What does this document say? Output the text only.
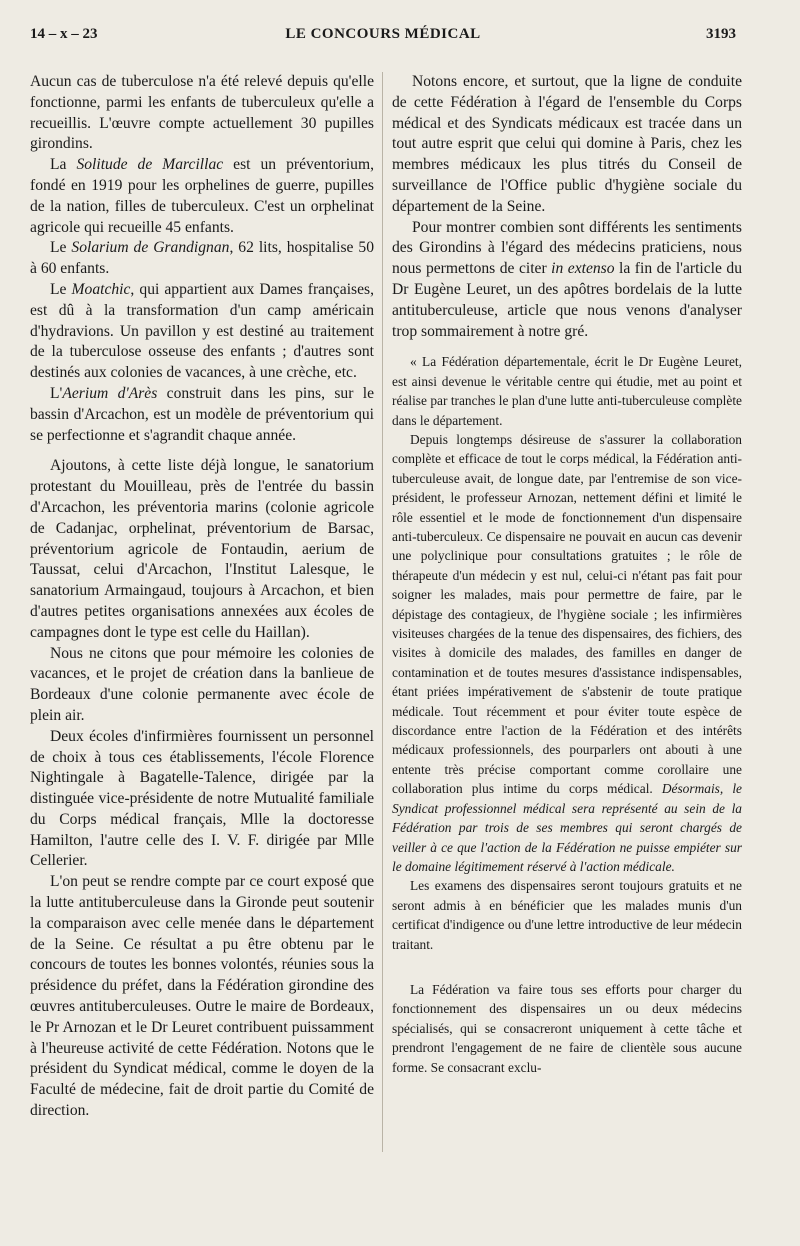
14 – x – 23	LE CONCOURS MÉDICAL	3193

Aucun cas de tuberculose n'a été relevé depuis qu'elle fonctionne, parmi les enfants de tuberculeux qu'elle a recueillis. L'œuvre compte actuellement 30 pupilles girondins.

La Solitude de Marcillac est un préventorium, fondé en 1919 pour les orphelines de guerre, pupilles de la nation, filles de tuberculeux. C'est un orphelinat agricole qui recueille 45 enfants.

Le Solarium de Grandignan, 62 lits, hospitalise 50 à 60 enfants.

Le Moatchic, qui appartient aux Dames françaises, est dû à la transformation d'un camp américain d'hydravions. Un pavillon y est destiné au traitement de la tuberculose osseuse des enfants ; d'autres sont destinés aux colonies de vacances, à une crèche, etc.

L'Aerium d'Arès construit dans les pins, sur le bassin d'Arcachon, est un modèle de préventorium qui se perfectionne et s'agrandit chaque année.

Ajoutons, à cette liste déjà longue, le sanatorium protestant du Mouilleau, près de l'entrée du bassin d'Arcachon, les préventoria marins (colonie agricole de Cadanjac, orphelinat, préventorium de Barsac, préventorium agricole de Fontaudin, aerium de Taussat, celui d'Arcachon, l'Institut Lalesque, le sanatorium Armaingaud, toujours à Arcachon, et bien d'autres petites organisations annexées aux écoles de campagnes dont le type est celle du Haillan).

Nous ne citons que pour mémoire les colonies de vacances, et le projet de création dans la banlieue de Bordeaux d'une colonie permanente avec école de plein air.

Deux écoles d'infirmières fournissent un personnel de choix à tous ces établissements, l'école Florence Nightingale à Bagatelle-Talence, dirigée par la distinguée vice-présidente de notre Mutualité familiale du Corps médical français, Mlle la doctoresse Hamilton, l'autre celle des I. V. F. dirigée par Mlle Cellerier.

L'on peut se rendre compte par ce court exposé que la lutte antituberculeuse dans la Gironde peut soutenir la comparaison avec celle menée dans le département de la Seine. Ce résultat a pu être obtenu par le concours de toutes les bonnes volontés, réunies sous la présidence du préfet, dans la Fédération girondine des œuvres antituberculeuses. Outre le maire de Bordeaux, le Pr Arnozan et le Dr Leuret contribuent puissamment à l'heureuse activité de cette Fédération. Notons que le président du Syndicat médical, comme le doyen de la Faculté de médecine, fait de droit partie du Comité de direction.

Notons encore, et surtout, que la ligne de conduite de cette Fédération à l'égard de l'ensemble du Corps médical et des Syndicats médicaux est tracée dans un tout autre esprit que celui qui domine à Paris, chez les membres médicaux les plus titrés du Conseil de surveillance de l'Office public d'hygiène sociale du département de la Seine.

Pour montrer combien sont différents les sentiments des Girondins à l'égard des médecins praticiens, nous nous permettons de citer in extenso la fin de l'article du Dr Eugène Leuret, un des apôtres bordelais de la lutte antituberculeuse, article que nous venons d'analyser trop sommairement à notre gré.

« La Fédération départementale, écrit le Dr Eugène Leuret, est ainsi devenue le véritable centre qui étudie, met au point et réalise par tranches le plan d'une lutte anti-tuberculeuse complète dans le département.

Depuis longtemps désireuse de s'assurer la collaboration complète et efficace de tout le corps médical, la Fédération anti-tuberculeuse avait, de longue date, par l'entremise de son vice-président, le professeur Arnozan, nettement défini et limité le rôle essentiel et le mode de fonctionnement d'un dispensaire anti-tuberculeux. Ce dispensaire ne pouvait en aucun cas devenir une polyclinique pour consultations gratuites ; le rôle de thérapeute d'un médecin y est nul, celui-ci n'étant pas fait pour soigner les malades, mais pour permettre de faire, par le dépistage des contagieux, de l'hygiène sociale ; les infirmières visiteuses chargées de la tenue des dispensaires, des fichiers, des visites à domicile des malades, des familles en danger de contamination et de toutes mesures d'assistance indispensables, étant priées impérativement de s'abstenir de toute pratique médicale. Tout récemment et pour éviter toute espèce de discordance entre l'action de la Fédération et des intérêts médicaux professionnels, des pourparlers ont abouti à une entente très précise comportant comme corollaire une collaboration plus intime du corps médical. Désormais, le Syndicat professionnel médical sera représenté au sein de la Fédération par trois de ses membres qui seront chargés de veiller à ce que l'action de la Fédération ne puisse empiéter sur le domaine légitimement réservé à l'action médicale.

Les examens des dispensaires seront toujours gratuits et ne seront admis à en bénéficier que les malades munis d'un certificat d'indigence ou d'une lettre introductive de leur médecin traitant.

La Fédération va faire tous ses efforts pour charger du fonctionnement des dispensaires un ou deux médecins spécialisés, qui se consacreront uniquement à cette tâche et prendront l'engagement de ne faire de clientèle sous aucune forme. Se consacrant exclu-
